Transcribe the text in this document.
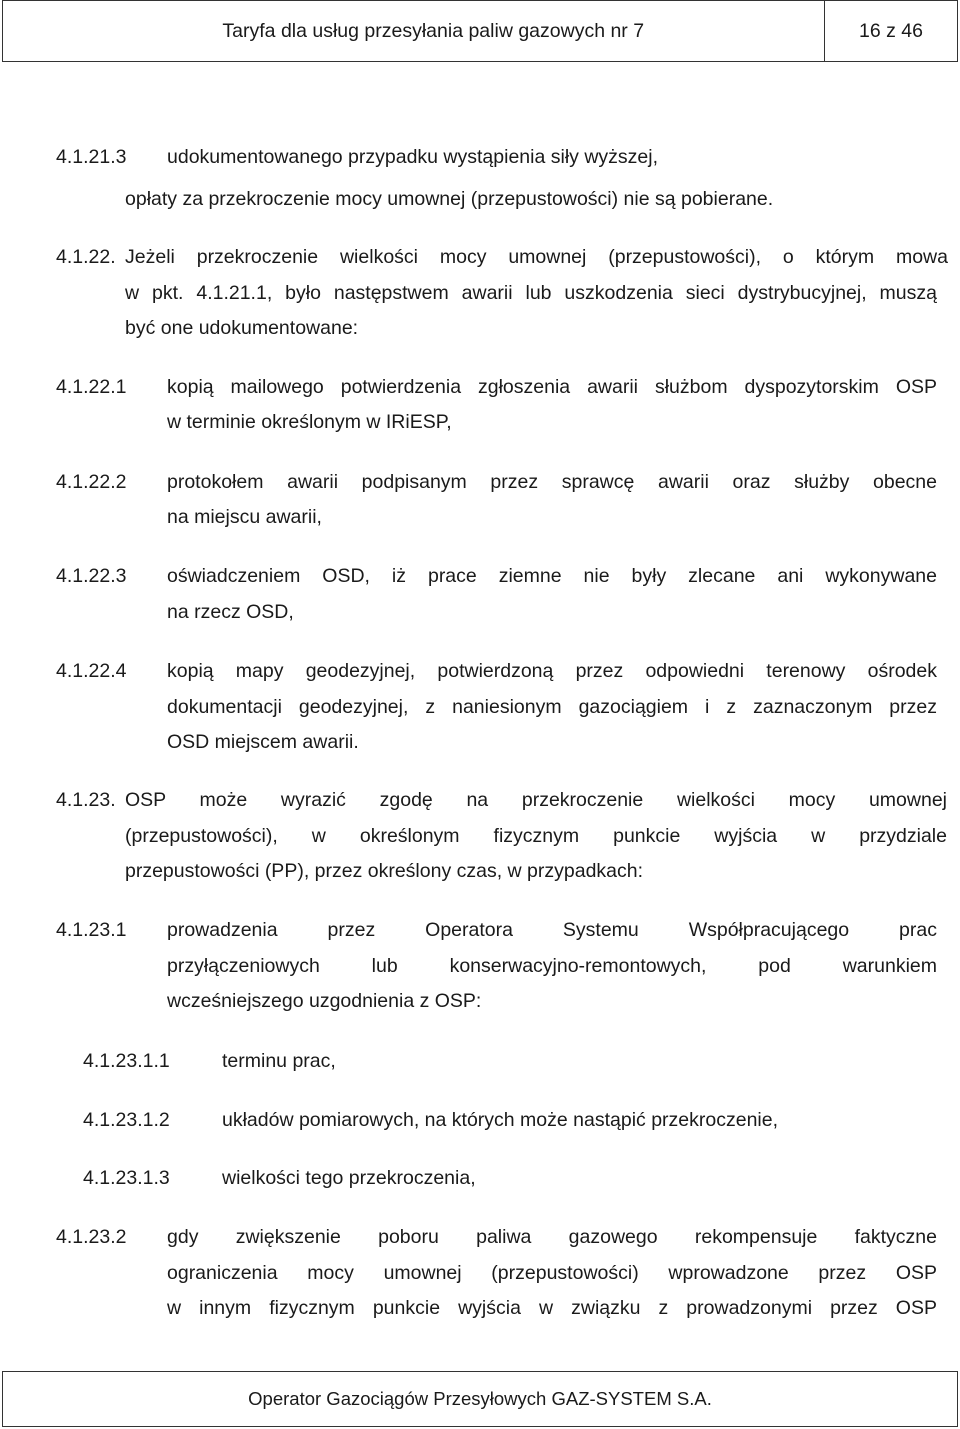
Taryfa dla usług przesyłania paliw gazowych nr 7	16 z 46
4.1.21.3 udokumentowanego przypadku wystąpienia siły wyższej,
opłaty za przekroczenie mocy umownej (przepustowości) nie są pobierane.
4.1.22. Jeżeli przekroczenie wielkości mocy umownej (przepustowości), o którym mowa
w pkt. 4.1.21.1, było następstwem awarii lub uszkodzenia sieci dystrybucyjnej, muszą
być one udokumentowane:
4.1.22.1 kopią mailowego potwierdzenia zgłoszenia awarii służbom dyspozytorskim OSP
w terminie określonym w IRiESP,
4.1.22.2 protokołem awarii podpisanym przez sprawcę awarii oraz służby obecne
na miejscu awarii,
4.1.22.3 oświadczeniem OSD, iż prace ziemne nie były zlecane ani wykonywane
na rzecz OSD,
4.1.22.4 kopią mapy geodezyjnej, potwierdzoną przez odpowiedni terenowy ośrodek
dokumentacji geodezyjnej, z naniesionym gazociągiem i z zaznaczonym przez
OSD miejscem awarii.
4.1.23. OSP może wyrazić zgodę na przekroczenie wielkości mocy umownej
(przepustowości), w określonym fizycznym punkcie wyjścia w przydziale
przepustowości (PP), przez określony czas, w przypadkach:
4.1.23.1 prowadzenia przez Operatora Systemu Współpracującego prac
przyłączeniowych lub konserwacyjno-remontowych, pod warunkiem
wcześniejszego uzgodnienia z OSP:
4.1.23.1.1	terminu prac,
4.1.23.1.2	układów pomiarowych, na których może nastąpić przekroczenie,
4.1.23.1.3	wielkości tego przekroczenia,
4.1.23.2 gdy zwiększenie poboru paliwa gazowego rekompensuje faktyczne
ograniczenia mocy umownej (przepustowości) wprowadzone przez OSP
w innym fizycznym punkcie wyjścia w związku z prowadzonymi przez OSP
Operator Gazociągów Przesyłowych GAZ-SYSTEM S.A.
